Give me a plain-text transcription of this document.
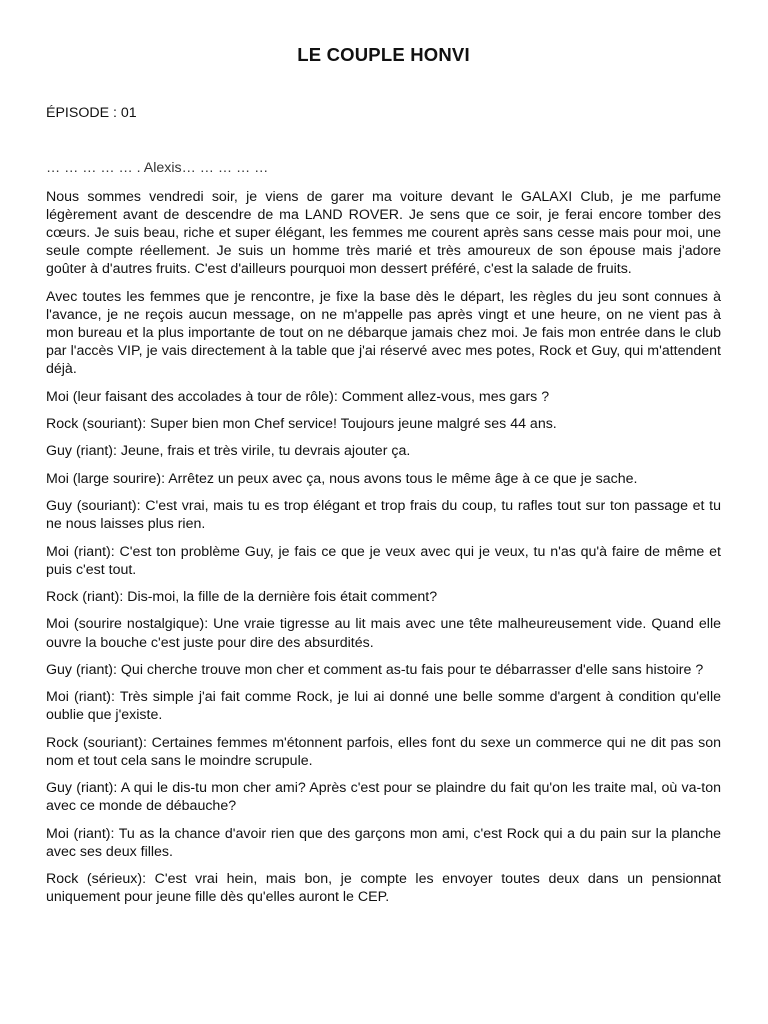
LE COUPLE HONVI

ÉPISODE : 01

… … … … … . Alexis… … … … …

Nous sommes vendredi soir, je viens de garer ma voiture devant le GALAXI Club, je me parfume légèrement avant de descendre de ma LAND ROVER. Je sens que ce soir, je ferai encore tomber des cœurs. Je suis beau, riche et super élégant, les femmes me courent après sans cesse mais pour moi, une seule compte réellement. Je suis un homme très marié et très amoureux de son épouse mais j'adore goûter à d'autres fruits. C'est d'ailleurs pourquoi mon dessert préféré, c'est la salade de fruits.

Avec toutes les femmes que je rencontre, je fixe la base dès le départ, les règles du jeu sont connues à l'avance, je ne reçois aucun message, on ne m'appelle pas après vingt et une heure, on ne vient pas à mon bureau et la plus importante de tout on ne débarque jamais chez moi. Je fais mon entrée dans le club par l'accès VIP, je vais directement à la table que j'ai réservé avec mes potes, Rock et Guy, qui m'attendent déjà.

Moi (leur faisant des accolades à tour de rôle): Comment allez-vous, mes gars ?

Rock (souriant): Super bien mon Chef service! Toujours jeune malgré ses 44 ans.

Guy (riant): Jeune, frais et très virile, tu devrais ajouter ça.

Moi (large sourire): Arrêtez un peux avec ça, nous avons tous le même âge à ce que je sache.

Guy (souriant): C'est vrai, mais tu es trop élégant et trop frais du coup, tu rafles tout sur ton passage et tu ne nous laisses plus rien.

Moi (riant): C'est ton problème Guy, je fais ce que je veux avec qui je veux, tu n'as qu'à faire de même et puis c'est tout.

Rock (riant): Dis-moi, la fille de la dernière fois était comment?

Moi (sourire nostalgique): Une vraie tigresse au lit mais avec une tête malheureusement vide. Quand elle ouvre la bouche c'est juste pour dire des absurdités.

Guy (riant): Qui cherche trouve mon cher et comment as-tu fais pour te débarrasser d'elle sans histoire ?

Moi (riant): Très simple j'ai fait comme Rock, je lui ai donné une belle somme d'argent à condition qu'elle oublie que j'existe.

Rock (souriant): Certaines femmes m'étonnent parfois, elles font du sexe un commerce qui ne dit pas son nom et tout cela sans le moindre scrupule.

Guy (riant): A qui le dis-tu mon cher ami? Après c'est pour se plaindre du fait qu'on les traite mal, où va-ton avec ce monde de débauche?

Moi (riant): Tu as la chance d'avoir rien que des garçons mon ami, c'est Rock qui a du pain sur la planche avec ses deux filles.

Rock (sérieux): C'est vrai hein, mais bon, je compte les envoyer toutes deux dans un pensionnat uniquement pour jeune fille dès qu'elles auront le CEP.
